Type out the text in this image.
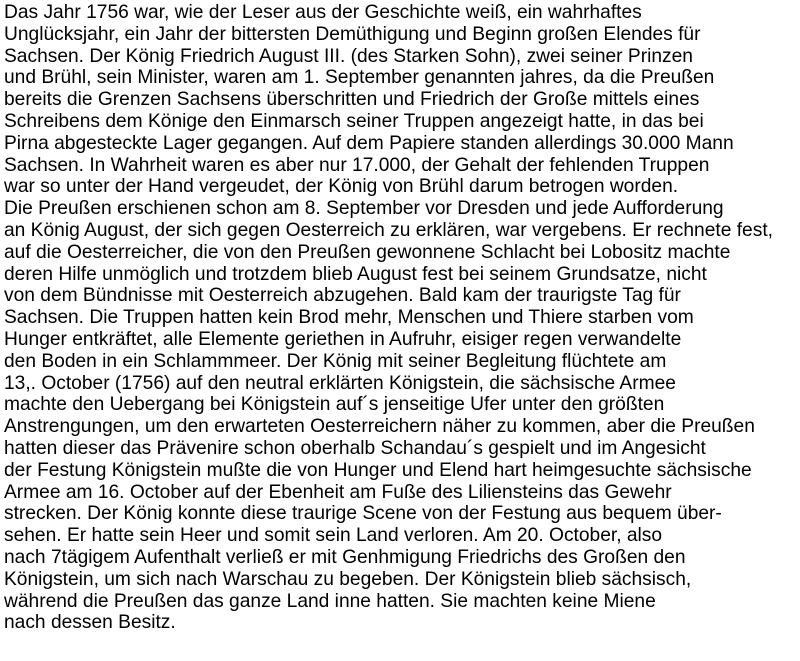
Das Jahr 1756 war, wie der Leser aus der Geschichte weiß, ein wahrhaftes
Unglücksjahr, ein Jahr der bittersten Demüthigung und Beginn großen Elendes für
Sachsen. Der König Friedrich August III. (des Starken Sohn), zwei seiner Prinzen
und Brühl, sein Minister, waren am 1. September genannten jahres, da die Preußen
bereits die Grenzen Sachsens überschritten und Friedrich der Große mittels eines
Schreibens dem Könige den Einmarsch seiner Truppen angezeigt hatte, in das bei
Pirna abgesteckte Lager gegangen. Auf dem Papiere standen allerdings 30.000 Mann
Sachsen. In Wahrheit waren es aber nur 17.000, der Gehalt der fehlenden Truppen
war so unter der Hand vergeudet, der König von Brühl darum betrogen worden.
Die Preußen erschienen schon am 8. September vor Dresden und jede Aufforderung
an König August, der sich gegen Oesterreich zu erklären, war vergebens. Er rechnete fest,
auf die Oesterreicher, die von den Preußen gewonnene Schlacht bei Lobositz machte
deren Hilfe unmöglich und trotzdem blieb August fest bei seinem Grundsatze, nicht
von dem Bündnisse mit Oesterreich abzugehen. Bald kam der traurigste Tag für
Sachsen. Die Truppen hatten kein Brod mehr, Menschen und Thiere starben vom
Hunger entkräftet, alle Elemente geriethen in Aufruhr, eisiger regen verwandelte
den Boden in ein Schlammmeer. Der König mit seiner Begleitung flüchtete am
13,. October (1756) auf den neutral erklärten Königstein, die sächsische Armee
machte den Uebergang bei Königstein auf´s jenseitige Ufer unter den größten
Anstrengungen, um den erwarteten Oesterreichern näher zu kommen, aber die Preußen
hatten dieser das Prävenire schon oberhalb Schandau´s gespielt und im Angesicht
der Festung Königstein mußte die von Hunger und Elend hart heimgesuchte sächsische
Armee am 16. October auf der Ebenheit am Fuße des Liliensteins das Gewehr
strecken. Der König konnte diese traurige Scene von der Festung aus bequem über-
sehen. Er hatte sein Heer und somit sein Land verloren. Am 20. October, also
nach 7tägigem Aufenthalt verließ er mit Genhmigung Friedrichs des Großen den
Königstein, um sich nach Warschau zu begeben. Der Königstein blieb sächsisch,
während die Preußen das ganze Land inne hatten. Sie machten keine Miene
nach dessen Besitz.
